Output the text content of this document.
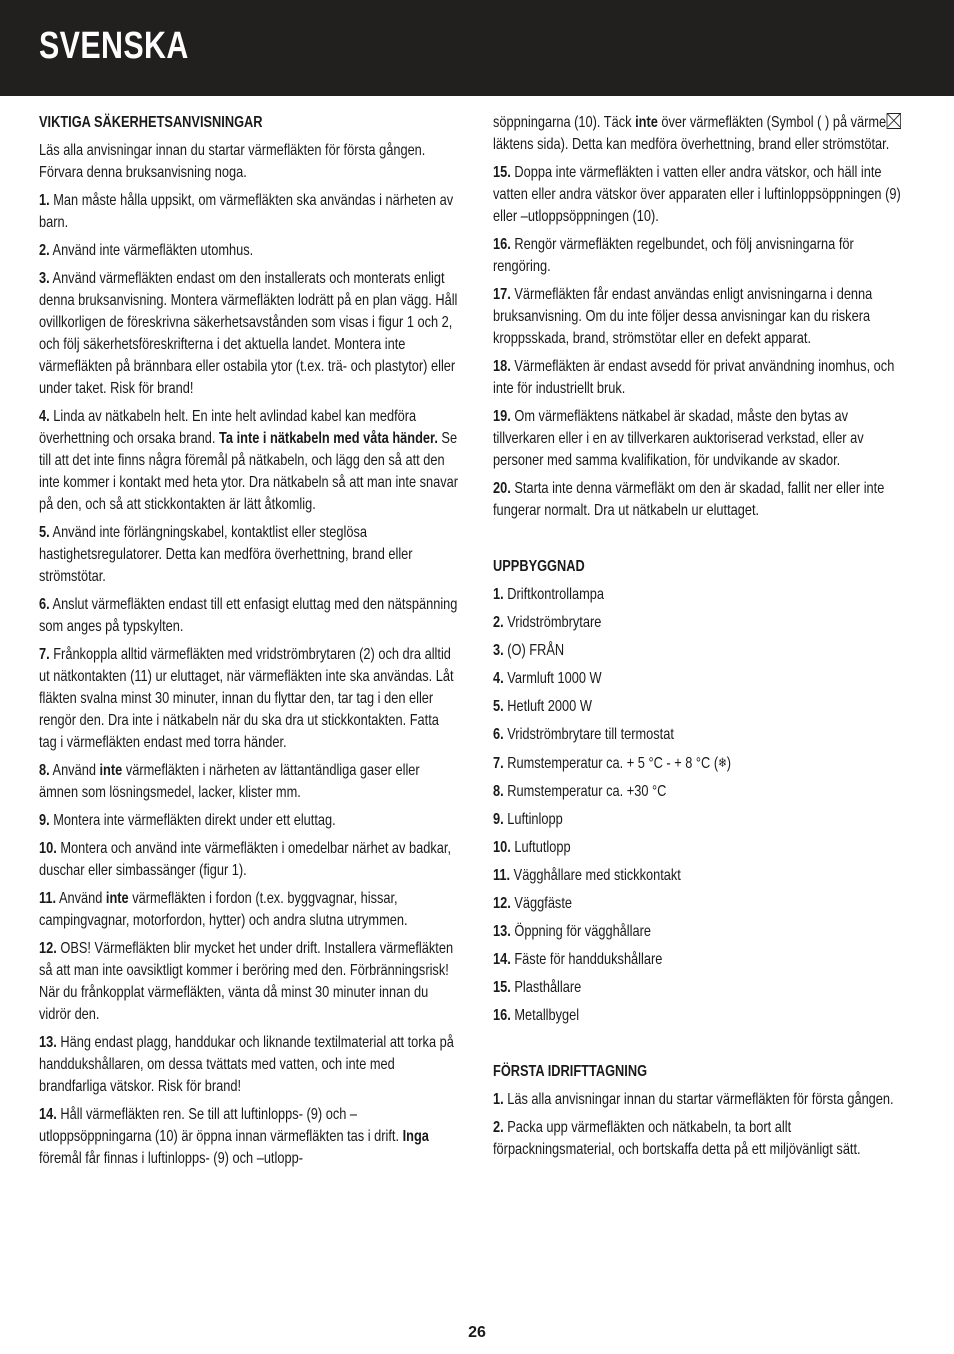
SVENSKA
VIKTIGA SÄKERHETSANVISNINGAR
Läs alla anvisningar innan du startar värmefläkten för första gången. Förvara denna bruksanvisning noga.
1. Man måste hålla uppsikt, om värmefläkten ska användas i närheten av barn.
2. Använd inte värmefläkten utomhus.
3. Använd värmefläkten endast om den installerats och monterats enligt denna bruksanvisning. Montera värmefläkten lodrätt på en plan vägg. Håll ovillkorligen de föreskrivna säkerhetsavstånden som visas i figur 1 och 2, och följ säkerhetsföreskrifterna i det aktuella landet. Montera inte värmefläkten på brännbara eller ostabila ytor (t.ex. trä- och plastytor) eller under taket. Risk för brand!
4. Linda av nätkabeln helt. En inte helt avlindad kabel kan medföra överhettning och orsaka brand. Ta inte i nätkabeln med våta händer. Se till att det inte finns några föremål på nätkabeln, och lägg den så att den inte kommer i kontakt med heta ytor. Dra nätkabeln så att man inte snavar på den, och så att stickkontakten är lätt åtkomlig.
5. Använd inte förlängningskabel, kontaktlist eller steglösa hastighetsregulatorer. Detta kan medföra överhettning, brand eller strömstötar.
6. Anslut värmefläkten endast till ett enfasigt eluttag med den nätspänning som anges på typskylten.
7. Frånkoppla alltid värmefläkten med vridströmbrytaren (2) och dra alltid ut nätkontakten (11) ur eluttaget, när värmefläkten inte ska användas. Låt fläkten svalna minst 30 minuter, innan du flyttar den, tar tag i den eller rengör den. Dra inte i nätkabeln när du ska dra ut stickkontakten. Fatta tag i värmefläkten endast med torra händer.
8. Använd inte värmefläkten i närheten av lättantändliga gaser eller ämnen som lösningsmedel, lacker, klister mm.
9. Montera inte värmefläkten direkt under ett eluttag.
10. Montera och använd inte värmefläkten i omedelbar närhet av badkar, duschar eller simbassänger (figur 1).
11. Använd inte värmefläkten i fordon (t.ex. byggvagnar, hissar, campingvagnar, motorfordon, hytter) och andra slutna utrymmen.
12. OBS! Värmefläkten blir mycket het under drift. Installera värmefläkten så att man inte oavsiktligt kommer i beröring med den. Förbränningsrisk! När du frånkopplat värmefläkten, vänta då minst 30 minuter innan du vidrör den.
13. Häng endast plagg, handdukar och liknande textilmaterial att torka på handdukshållaren, om dessa tvättats med vatten, och inte med brandfarliga vätskor. Risk för brand!
14. Håll värmefläkten ren. Se till att luftinlopps- (9) och –utloppsöppningarna (10) är öppna innan värmefläkten tas i drift. Inga föremål får finnas i luftinlopps- (9) och –utlopp-
söppningarna (10). Täck inte över värmefläkten (Symbol ( ) på värmeläktens sida). Detta kan medföra överhettning, brand eller strömstötar.
15. Doppa inte värmefläkten i vatten eller andra vätskor, och häll inte vatten eller andra vätskor över apparaten eller i luftinloppsöppningen (9) eller –utloppsöppningen (10).
16. Rengör värmefläkten regelbundet, och följ anvisningarna för rengöring.
17. Värmefläkten får endast användas enligt anvisningarna i denna bruksanvisning. Om du inte följer dessa anvisningar kan du riskera kroppsskada, brand, strömstötar eller en defekt apparat.
18. Värmefläkten är endast avsedd för privat användning inomhus, och inte för industriellt bruk.
19. Om värmefläktens nätkabel är skadad, måste den bytas av tillverkaren eller i en av tillverkaren auktoriserad verkstad, eller av personer med samma kvalifikation, för undvikande av skador.
20. Starta inte denna värmefläkt om den är skadad, fallit ner eller inte fungerar normalt. Dra ut nätkabeln ur eluttaget.
UPPBYGGNAD
1. Driftkontrollampa
2. Vridströmbrytare
3. (O) FRÅN
4. Varmluft 1000 W
5. Hetluft 2000 W
6. Vridströmbrytare till termostat
7. Rumstemperatur ca. + 5 °C - + 8 °C (❄)
8. Rumstemperatur ca. +30 °C
9. Luftinlopp
10. Luftutlopp
11. Vägghållare med stickkontakt
12. Väggfäste
13. Öppning för vägghållare
14. Fäste för handdukshållare
15. Plasthållare
16. Metallbygel
FÖRSTA IDRIFTTAGNING
1. Läs alla anvisningar innan du startar värmefläkten för första gången.
2. Packa upp värmefläkten och nätkabeln, ta bort allt förpackningsmaterial, och bortskaffa detta på ett miljövänligt sätt.
26
